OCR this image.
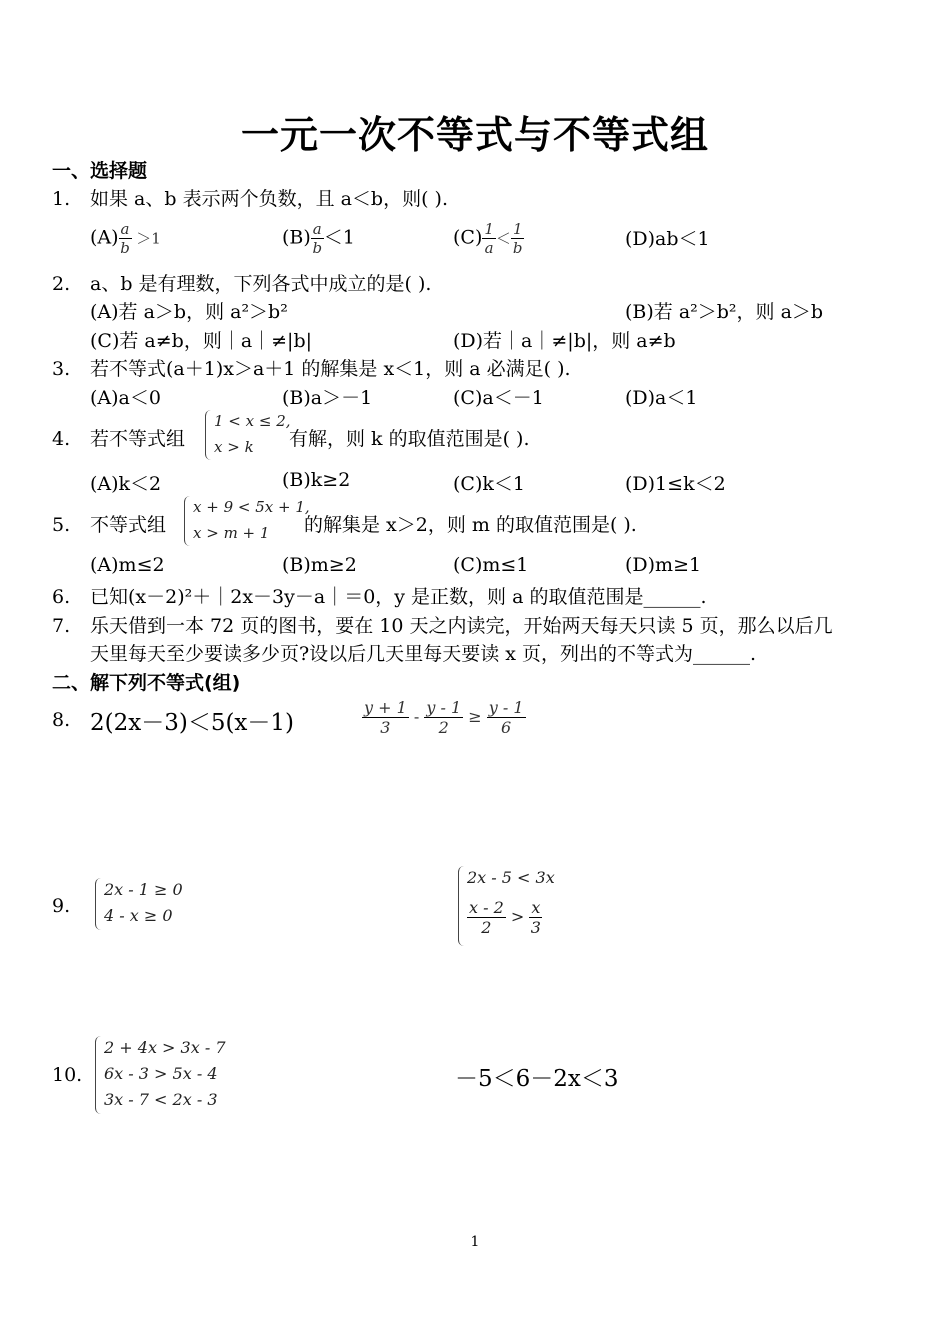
一元一次不等式与不等式组
一、选择题
1. 如果 a、b 表示两个负数，且 a＜b，则( ).
$(A) \frac{a}{b} >1$	$(B) \frac{a}{b} <1$	$(C) \frac{1}{a} < \frac{1}{b}$	(D)ab＜1
2. a、b 是有理数，下列各式中成立的是( ).
(A)若 a＞b，则 a²＞b²	(B)若 a²＞b²，则 a＞b
(C)若 a≠b，则｜a｜≠|b|	(D)若｜a｜≠|b|，则 a≠b
3. 若不等式(a＋1)x＞a＋1 的解集是 x＜1，则 a 必满足( ).
(A)a＜0	(B)a＞－1	(C)a＜－1	(D)a＜1
4. 若不等式组
1 < x ≤ 2,
x > k 有解，则 k 的取值范围是( ).
(A)k＜2	(B)k≥2	(C)k＜1	(D)1≤k＜2
5. 不等式组
x + 9 < 5x + 1,
x > m + 1 的解集是 x＞2，则 m 的取值范围是( ).
(A)m≤2	(B)m≥2	(C)m≤1	(D)m≥1
6. 已知(x－2)²＋｜2x－3y－a｜＝0，y 是正数，则 a 的取值范围是______.
7. 乐天借到一本 72 页的图书，要在 10 天之内读完，开始两天每天只读 5 页，那么以后几
天里每天至少要读多少页?设以后几天里每天要读 x 页，列出的不等式为______.
二、解下列不等式(组)
8. 2(2x－3)＜5(x－1)	$\frac{y + 1}{3} - \frac{y - 1}{2} \ge \frac{y - 1}{6}$
9.
2x - 1 ≥ 0
4 - x ≥ 0
2x - 5 < 3x
$\frac{x - 2}{2} > \frac{x}{3}$
10.
2 + 4x > 3x - 7
6x - 3 > 5x - 4
3x - 7 < 2x - 3
－5＜6－2x＜3
1
